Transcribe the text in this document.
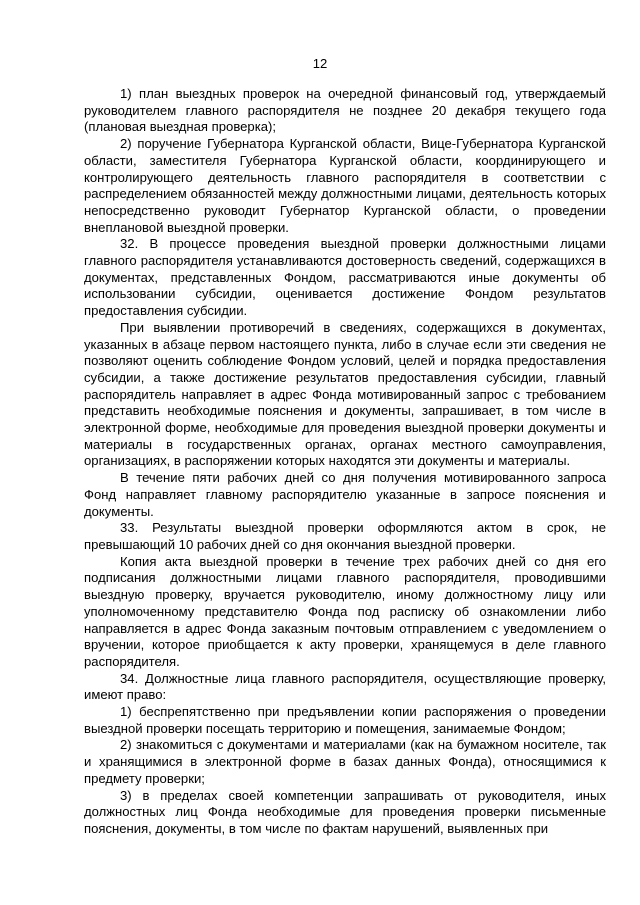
12

1) план выездных проверок на очередной финансовый год, утверждаемый руководителем главного распорядителя не позднее 20 декабря текущего года (плановая выездная проверка);

2) поручение Губернатора Курганской области, Вице-Губернатора Курганской области, заместителя Губернатора Курганской области, координирующего и контролирующего деятельность главного распорядителя в соответствии с распределением обязанностей между должностными лицами, деятельность которых непосредственно руководит Губернатор Курганской области, о проведении внеплановой выездной проверки.

32. В процессе проведения выездной проверки должностными лицами главного распорядителя устанавливаются достоверность сведений, содержащихся в документах, представленных Фондом, рассматриваются иные документы об использовании субсидии, оценивается достижение Фондом результатов предоставления субсидии.

При выявлении противоречий в сведениях, содержащихся в документах, указанных в абзаце первом настоящего пункта, либо в случае если эти сведения не позволяют оценить соблюдение Фондом условий, целей и порядка предоставления субсидии, а также достижение результатов предоставления субсидии, главный распорядитель направляет в адрес Фонда мотивированный запрос с требованием представить необходимые пояснения и документы, запрашивает, в том числе в электронной форме, необходимые для проведения выездной проверки документы и материалы в государственных органах, органах местного самоуправления, организациях, в распоряжении которых находятся эти документы и материалы.

В течение пяти рабочих дней со дня получения мотивированного запроса Фонд направляет главному распорядителю указанные в запросе пояснения и документы.

33. Результаты выездной проверки оформляются актом в срок, не превышающий 10 рабочих дней со дня окончания выездной проверки.

Копия акта выездной проверки в течение трех рабочих дней со дня его подписания должностными лицами главного распорядителя, проводившими выездную проверку, вручается руководителю, иному должностному лицу или уполномоченному представителю Фонда под расписку об ознакомлении либо направляется в адрес Фонда заказным почтовым отправлением с уведомлением о вручении, которое приобщается к акту проверки, хранящемуся в деле главного распорядителя.

34. Должностные лица главного распорядителя, осуществляющие проверку, имеют право:

1) беспрепятственно при предъявлении копии распоряжения о проведении выездной проверки посещать территорию и помещения, занимаемые Фондом;

2) знакомиться с документами и материалами (как на бумажном носителе, так и хранящимися в электронной форме в базах данных Фонда), относящимися к предмету проверки;

3) в пределах своей компетенции запрашивать от руководителя, иных должностных лиц Фонда необходимые для проведения проверки письменные пояснения, документы, в том числе по фактам нарушений, выявленных при
